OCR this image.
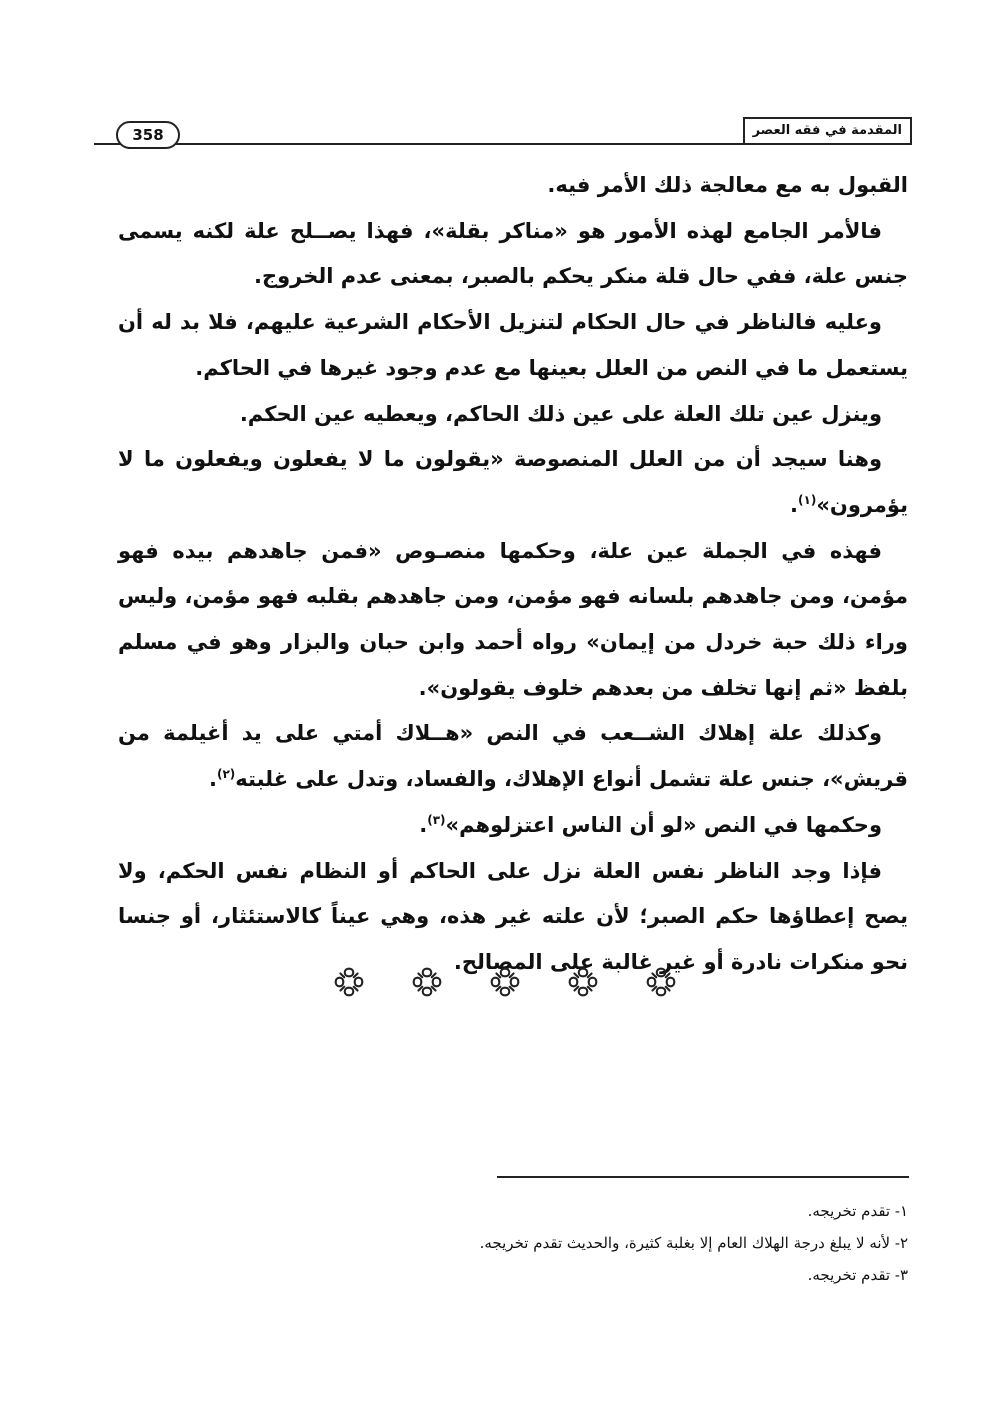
358	المقدمة في فقه العصر

القبول به مع معالجة ذلك الأمر فيه.

فالأمر الجامع لهذه الأمور هو «مناكر بقلة»، فهذا يصــلح علة لكنه يسمى جنس علة، ففي حال قلة منكر يحكم بالصبر، بمعنى عدم الخروج.

وعليه فالناظر في حال الحكام لتنزيل الأحكام الشرعية عليهم، فلا بد له أن يستعمل ما في النص من العلل بعينها مع عدم وجود غيرها في الحاكم.

وينزل عين تلك العلة على عين ذلك الحاكم، ويعطيه عين الحكم.

وهنا سيجد أن من العلل المنصوصة «يقولون ما لا يفعلون ويفعلون ما لا يؤمرون»$^{(١)}$.

فهذه في الجملة عين علة، وحكمها منصـوص «فمن جاهدهم بيده فهو مؤمن، ومن جاهدهم بلسانه فهو مؤمن، ومن جاهدهم بقلبه فهو مؤمن، وليس وراء ذلك حبة خردل من إيمان» رواه أحمد وابن حبان والبزار وهو في مسلم بلفظ «ثم إنها تخلف من بعدهم خلوف يقولون».

وكذلك علة إهلاك الشــعب في النص «هــلاك أمتي على يد أغيلمة من قريش»، جنس علة تشمل أنواع الإهلاك، والفساد، وتدل على غلبته$^{(٢)}$.

وحكمها في النص «لو أن الناس اعتزلوهم»$^{(٣)}$.

فإذا وجد الناظر نفس العلة نزل على الحاكم أو النظام نفس الحكم، ولا يصح إعطاؤها حكم الصبر؛ لأن علته غير هذه، وهي عيناً كالاستئثار، أو جنسا نحو منكرات نادرة أو غير غالبة على المصالح.

١- تقدم تخريجه.
٢- لأنه لا يبلغ درجة الهلاك العام إلا بغلبة كثيرة، والحديث تقدم تخريجه.
٣- تقدم تخريجه.
